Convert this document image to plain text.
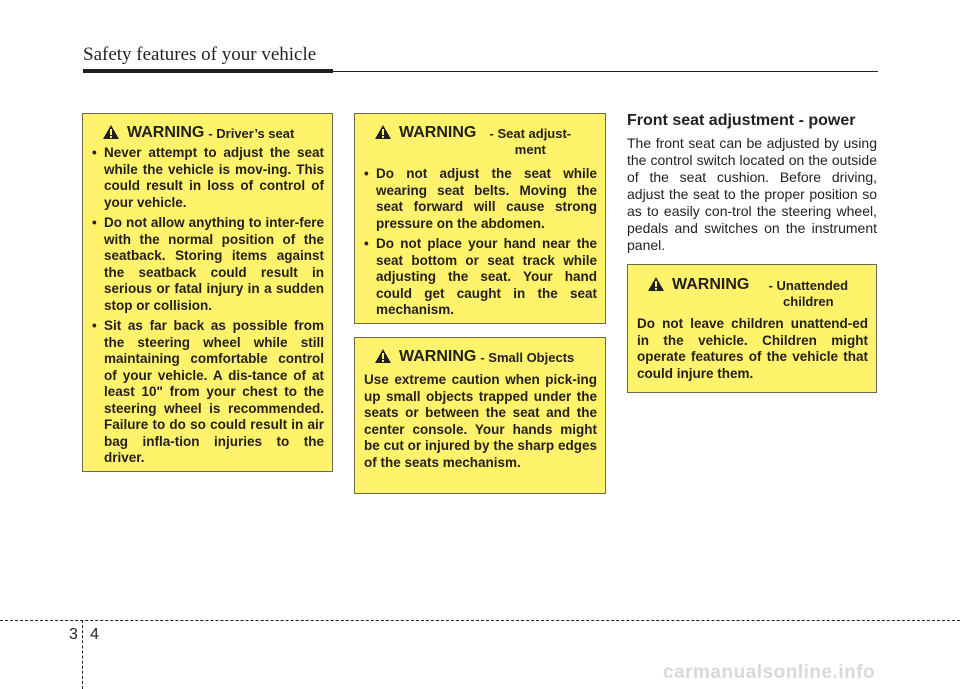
Safety features of your vehicle
WARNING - Driver’s seat
• Never attempt to adjust the seat while the vehicle is mov-ing. This could result in loss of control of your vehicle.
• Do not allow anything to inter-fere with the normal position of the seatback. Storing items against the seatback could result in serious or fatal injury in a sudden stop or collision.
• Sit as far back as possible from the steering wheel while still maintaining comfortable control of your vehicle. A dis-tance of at least 10" from your chest to the steering wheel is recommended. Failure to do so could result in air bag infla-tion injuries to the driver.
WARNING	- Seat adjust-ment
• Do not adjust the seat while wearing seat belts. Moving the seat forward will cause strong pressure on the abdomen.
• Do not place your hand near the seat bottom or seat track while adjusting the seat. Your hand could get caught in the seat mechanism.
WARNING - Small Objects

Use extreme caution when pick-ing up small objects trapped under the seats or between the seat and the center console. Your hands might be cut or injured by the sharp edges of the seats mechanism.

Front seat adjustment - power

The front seat can be adjusted by using the control switch located on the outside of the seat cushion. Before driving, adjust the seat to the proper position so as to easily con-trol the steering wheel, pedals and switches on the instrument panel.

WARNING	- Unattended children

Do not leave children unattend-ed in the vehicle. Children might operate features of the vehicle that could injure them.

3 4
carmanualsonline.info
